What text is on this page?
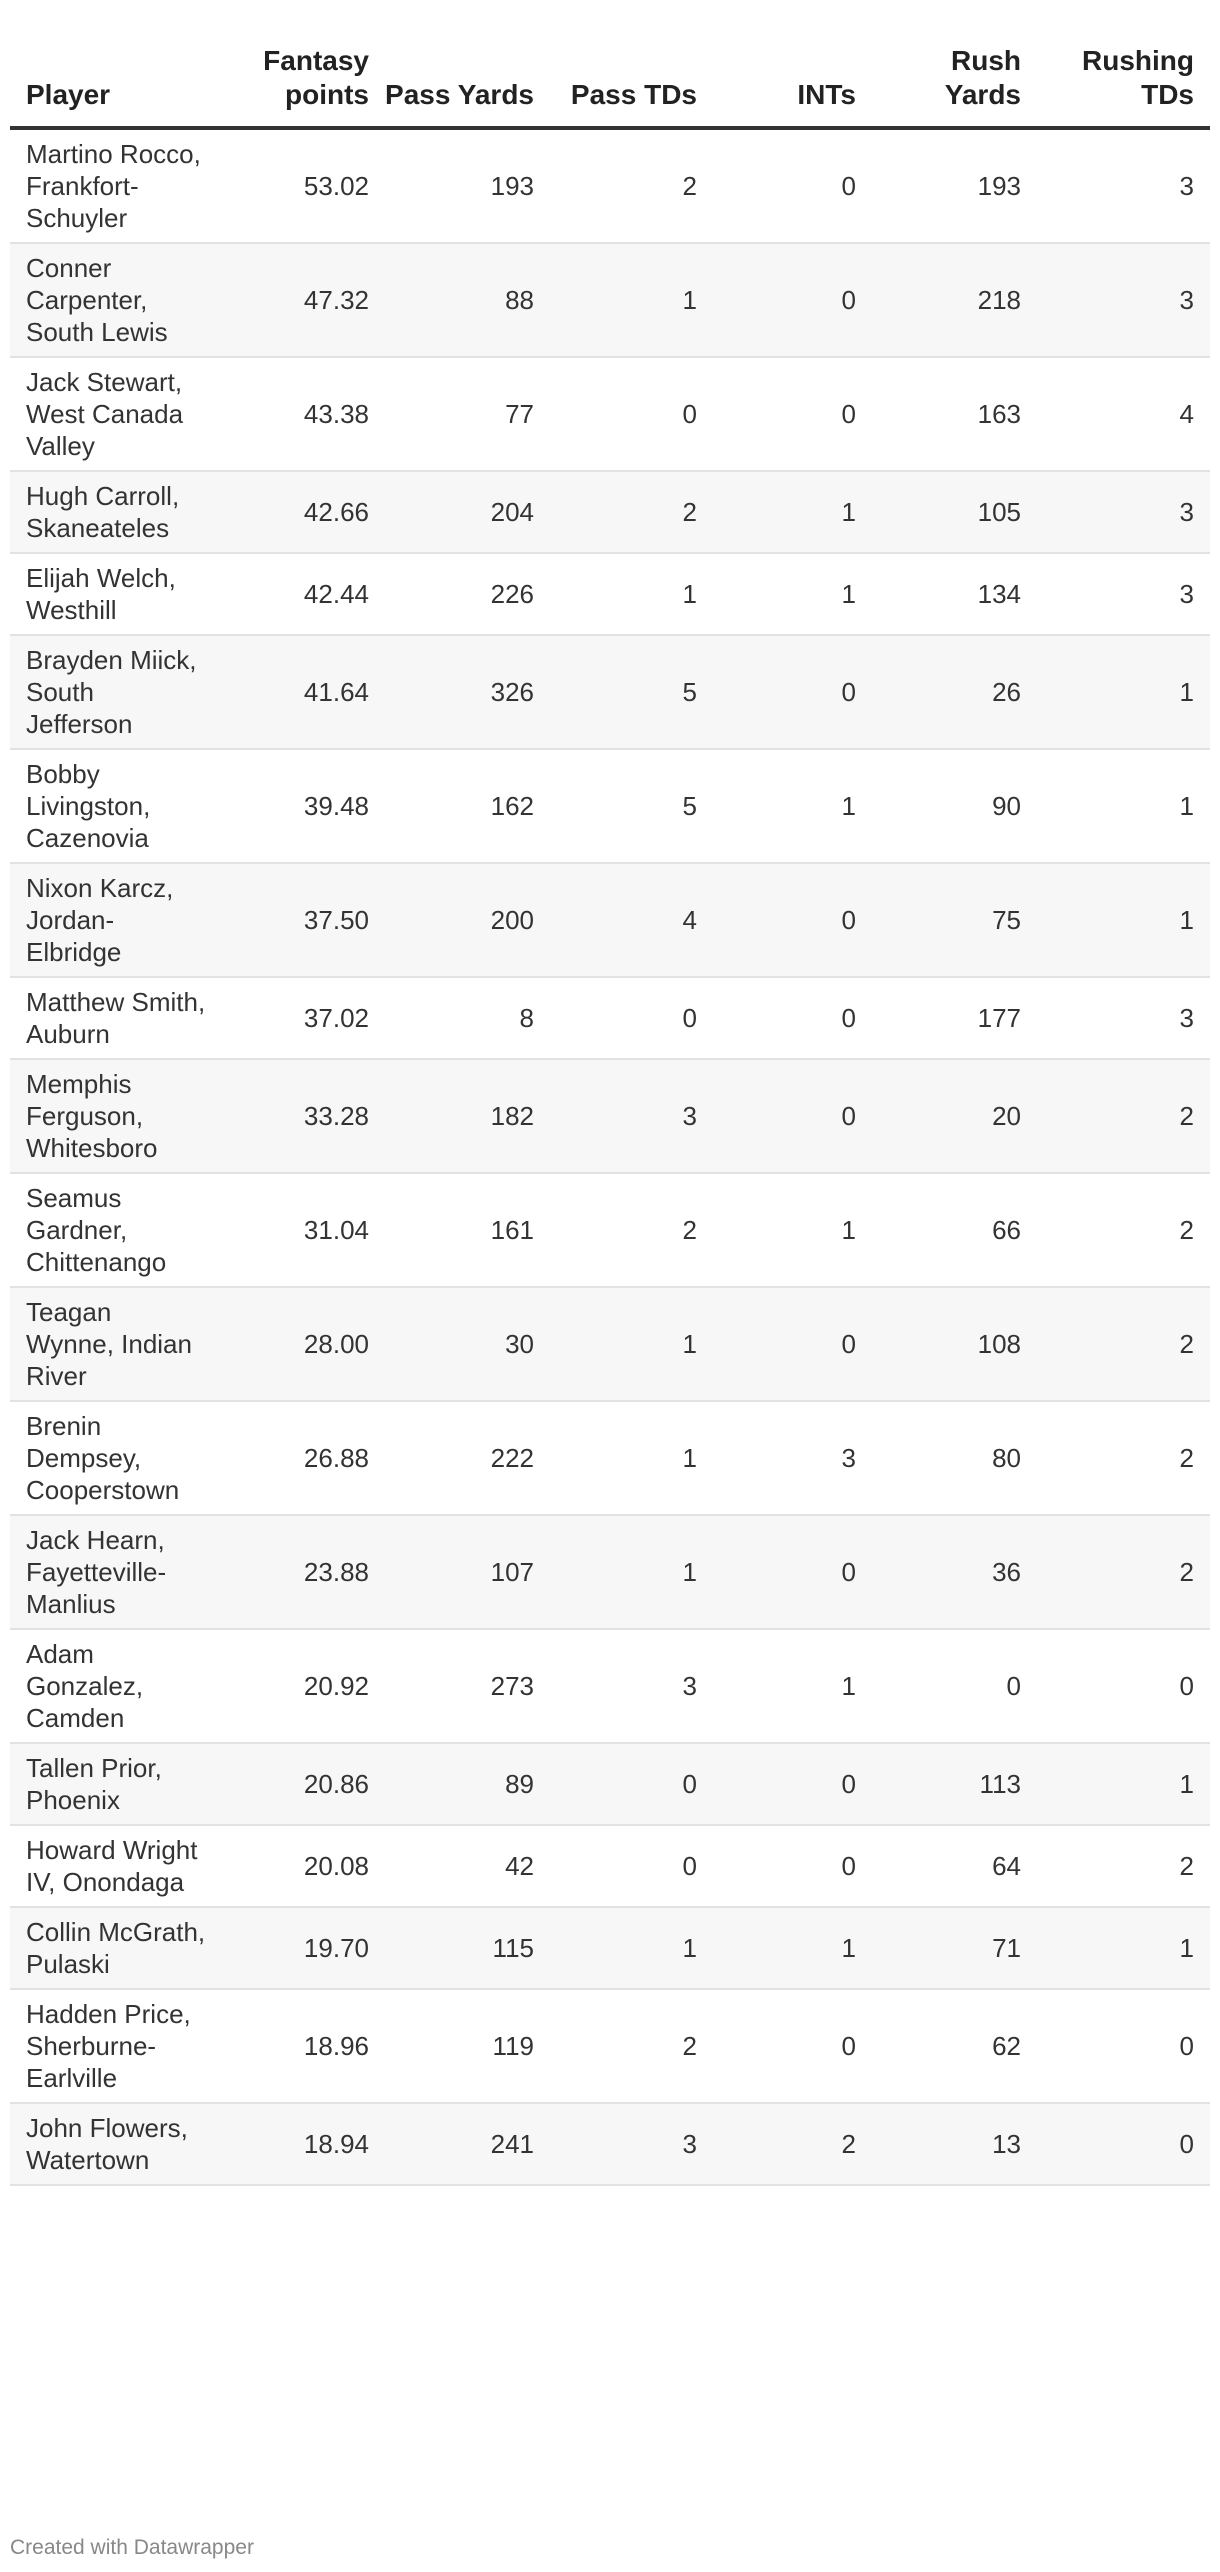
Player	Fantasy points	Pass Yards	Pass TDs	INTs	Rush Yards	Rushing TDs
Martino Rocco, Frankfort-Schuyler	53.02	193	2	0	193	3
Conner Carpenter, South Lewis	47.32	88	1	0	218	3
Jack Stewart, West Canada Valley	43.38	77	0	0	163	4
Hugh Carroll, Skaneateles	42.66	204	2	1	105	3
Elijah Welch, Westhill	42.44	226	1	1	134	3
Brayden Miick, South Jefferson	41.64	326	5	0	26	1
Bobby Livingston, Cazenovia	39.48	162	5	1	90	1
Nixon Karcz, Jordan-Elbridge	37.50	200	4	0	75	1
Matthew Smith, Auburn	37.02	8	0	0	177	3
Memphis Ferguson, Whitesboro	33.28	182	3	0	20	2
Seamus Gardner, Chittenango	31.04	161	2	1	66	2
Teagan Wynne, Indian River	28.00	30	1	0	108	2
Brenin Dempsey, Cooperstown	26.88	222	1	3	80	2
Jack Hearn, Fayetteville-Manlius	23.88	107	1	0	36	2
Adam Gonzalez, Camden	20.92	273	3	1	0	0
Tallen Prior, Phoenix	20.86	89	0	0	113	1
Howard Wright IV, Onondaga	20.08	42	0	0	64	2
Collin McGrath, Pulaski	19.70	115	1	1	71	1
Hadden Price, Sherburne-Earlville	18.96	119	2	0	62	0
John Flowers, Watertown	18.94	241	3	2	13	0
Created with Datawrapper
